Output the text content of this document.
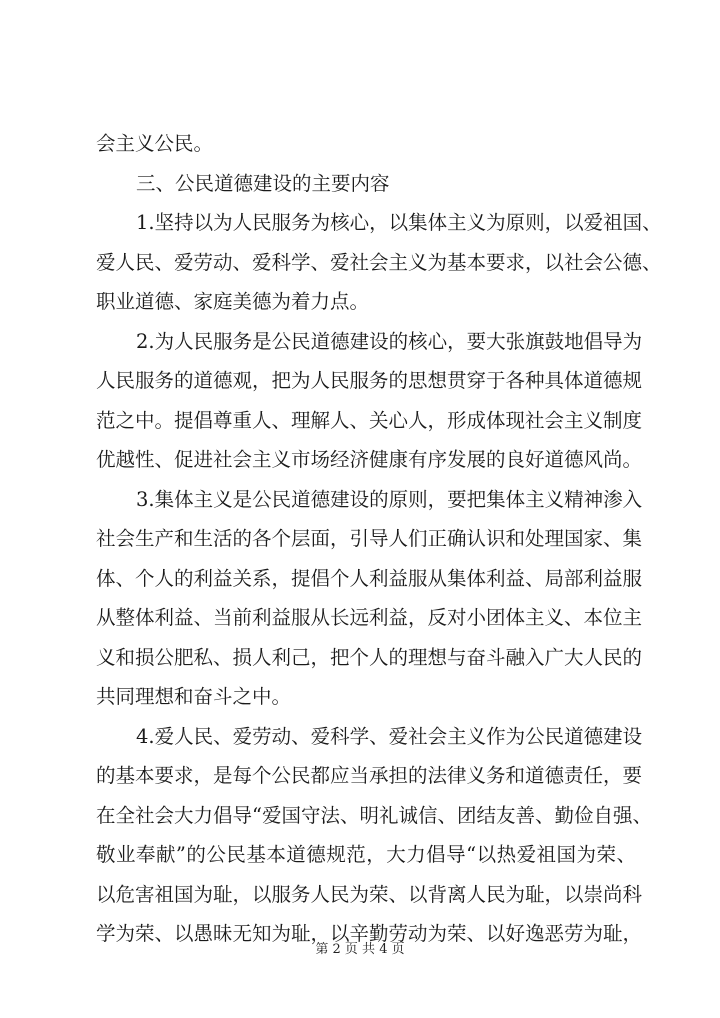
会主义公民。
三、公民道德建设的主要内容
1.坚持以为人民服务为核心，以集体主义为原则，以爱祖国、
爱人民、爱劳动、爱科学、爱社会主义为基本要求，以社会公德、
职业道德、家庭美德为着力点。
2.为人民服务是公民道德建设的核心，要大张旗鼓地倡导为
人民服务的道德观，把为人民服务的思想贯穿于各种具体道德规
范之中。提倡尊重人、理解人、关心人，形成体现社会主义制度
优越性、促进社会主义市场经济健康有序发展的良好道德风尚。
3.集体主义是公民道德建设的原则，要把集体主义精神渗入
社会生产和生活的各个层面，引导人们正确认识和处理国家、集
体、个人的利益关系，提倡个人利益服从集体利益、局部利益服
从整体利益、当前利益服从长远利益，反对小团体主义、本位主
义和损公肥私、损人利己，把个人的理想与奋斗融入广大人民的
共同理想和奋斗之中。
4.爱人民、爱劳动、爱科学、爱社会主义作为公民道德建设
的基本要求，是每个公民都应当承担的法律义务和道德责任，要
在全社会大力倡导“爱国守法、明礼诚信、团结友善、勤俭自强、
敬业奉献”的公民基本道德规范，大力倡导“以热爱祖国为荣、
以危害祖国为耻，以服务人民为荣、以背离人民为耻，以崇尚科
学为荣、以愚昧无知为耻，以辛勤劳动为荣、以好逸恶劳为耻，
第 2 页 共 4 页
